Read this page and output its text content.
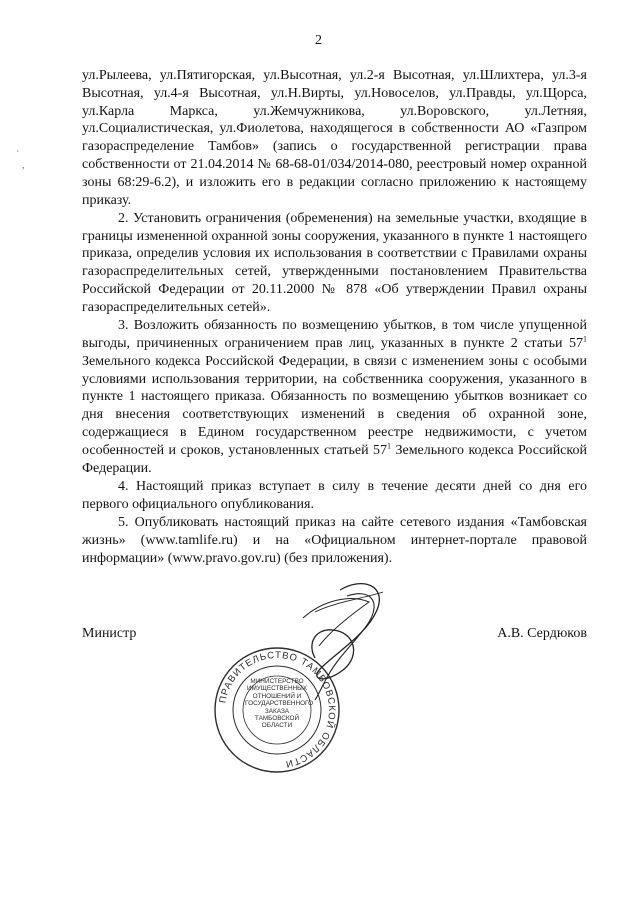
2
`
,

ул.Рылеева, ул.Пятигорская, ул.Высотная, ул.2-я Высотная, ул.Шлихтера, ул.3-я Высотная, ул.4-я Высотная, ул.Н.Вирты, ул.Новоселов, ул.Правды, ул.Щорса, ул.Карла Маркса, ул.Жемчужникова, ул.Воровского, ул.Летняя, ул.Социалистическая, ул.Фиолетова, находящегося в собственности АО «Газпром газораспределение Тамбов» (запись о государственной регистрации права собственности от 21.04.2014 № 68-68-01/034/2014-080, реестровый номер охранной зоны 68:29-6.2), и изложить его в редакции согласно приложению к настоящему приказу.

2. Установить ограничения (обременения) на земельные участки, входящие в границы измененной охранной зоны сооружения, указанного в пункте 1 настоящего приказа, определив условия их использования в соответствии с Правилами охраны газораспределительных сетей, утвержденными постановлением Правительства Российской Федерации от 20.11.2000 № 878 «Об утверждении Правил охраны газораспределительных сетей».

3. Возложить обязанность по возмещению убытков, в том числе упущенной выгоды, причиненных ограничением прав лиц, указанных в пункте 2 статьи $57^1$ Земельного кодекса Российской Федерации, в связи с изменением зоны с особыми условиями использования территории, на собственника сооружения, указанного в пункте 1 настоящего приказа. Обязанность по возмещению убытков возникает со дня внесения соответствующих изменений в сведения об охранной зоне, содержащиеся в Едином государственном реестре недвижимости, с учетом особенностей и сроков, установленных статьей $57^1$ Земельного кодекса Российской Федерации.

4. Настоящий приказ вступает в силу в течение десяти дней со дня его первого официального опубликования.

5. Опубликовать настоящий приказ на сайте сетевого издания «Тамбовская жизнь» (www.tamlife.ru) и на «Официальном интернет-портале правовой информации» (www.pravo.gov.ru) (без приложения).

Министр	А.В. Сердюков
ПРАВИТЕЛЬСТВО ТАМБОВСКОЙ ОБЛАСТИ
МИНИСТЕРСТВО
ИМУЩЕСТВЕННЫХ
ОТНОШЕНИЙ И
ГОСУДАРСТВЕННОГО
ЗАКАЗА
ТАМБОВСКОЙ
ОБЛАСТИ
